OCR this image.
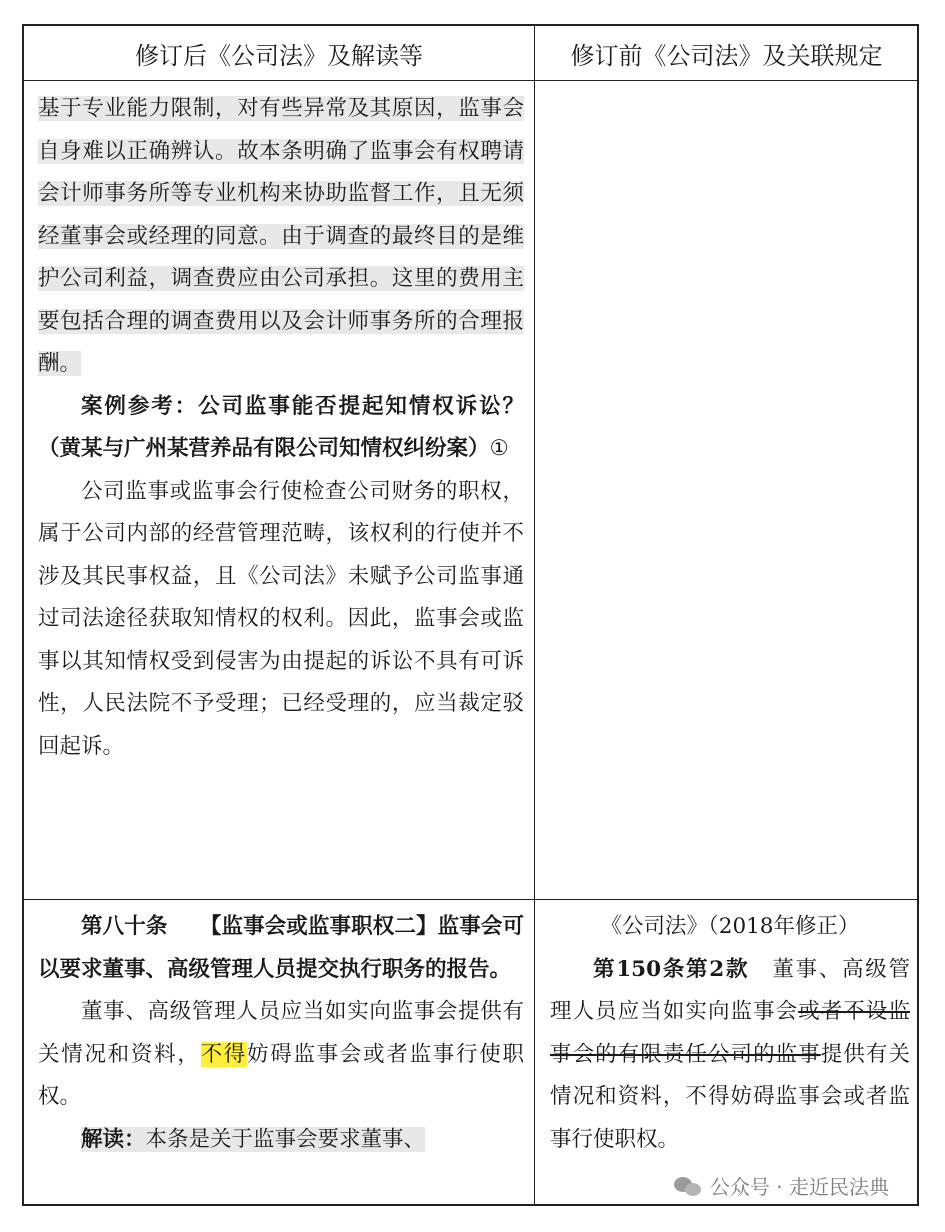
修订后《公司法》及解读等	修订前《公司法》及关联规定

基于专业能力限制，对有些异常及其原因，监事会自身难以正确辨认。故本条明确了监事会有权聘请会计师事务所等专业机构来协助监督工作，且无须经董事会或经理的同意。由于调查的最终目的是维护公司利益，调查费应由公司承担。这里的费用主要包括合理的调查费用以及会计师事务所的合理报酬。

案例参考：公司监事能否提起知情权诉讼？（黄某与广州某营养品有限公司知情权纠纷案）①

公司监事或监事会行使检查公司财务的职权，属于公司内部的经营管理范畴，该权利的行使并不涉及其民事权益，且《公司法》未赋予公司监事通过司法途径获取知情权的权利。因此，监事会或监事以其知情权受到侵害为由提起的诉讼不具有可诉性，人民法院不予受理；已经受理的，应当裁定驳回起诉。

第八十条 【监事会或监事职权二】监事会可以要求董事、高级管理人员提交执行职务的报告。

董事、高级管理人员应当如实向监事会提供有关情况和资料，不得妨碍监事会或者监事行使职权。

解读：本条是关于监事会要求董事、

《公司法》（2018年修正）

第150条第2款 董事、高级管理人员应当如实向监事会或者不设监事会的有限责任公司的监事提供有关情况和资料，不得妨碍监事会或者监事行使职权。

公众号 · 走近民法典
